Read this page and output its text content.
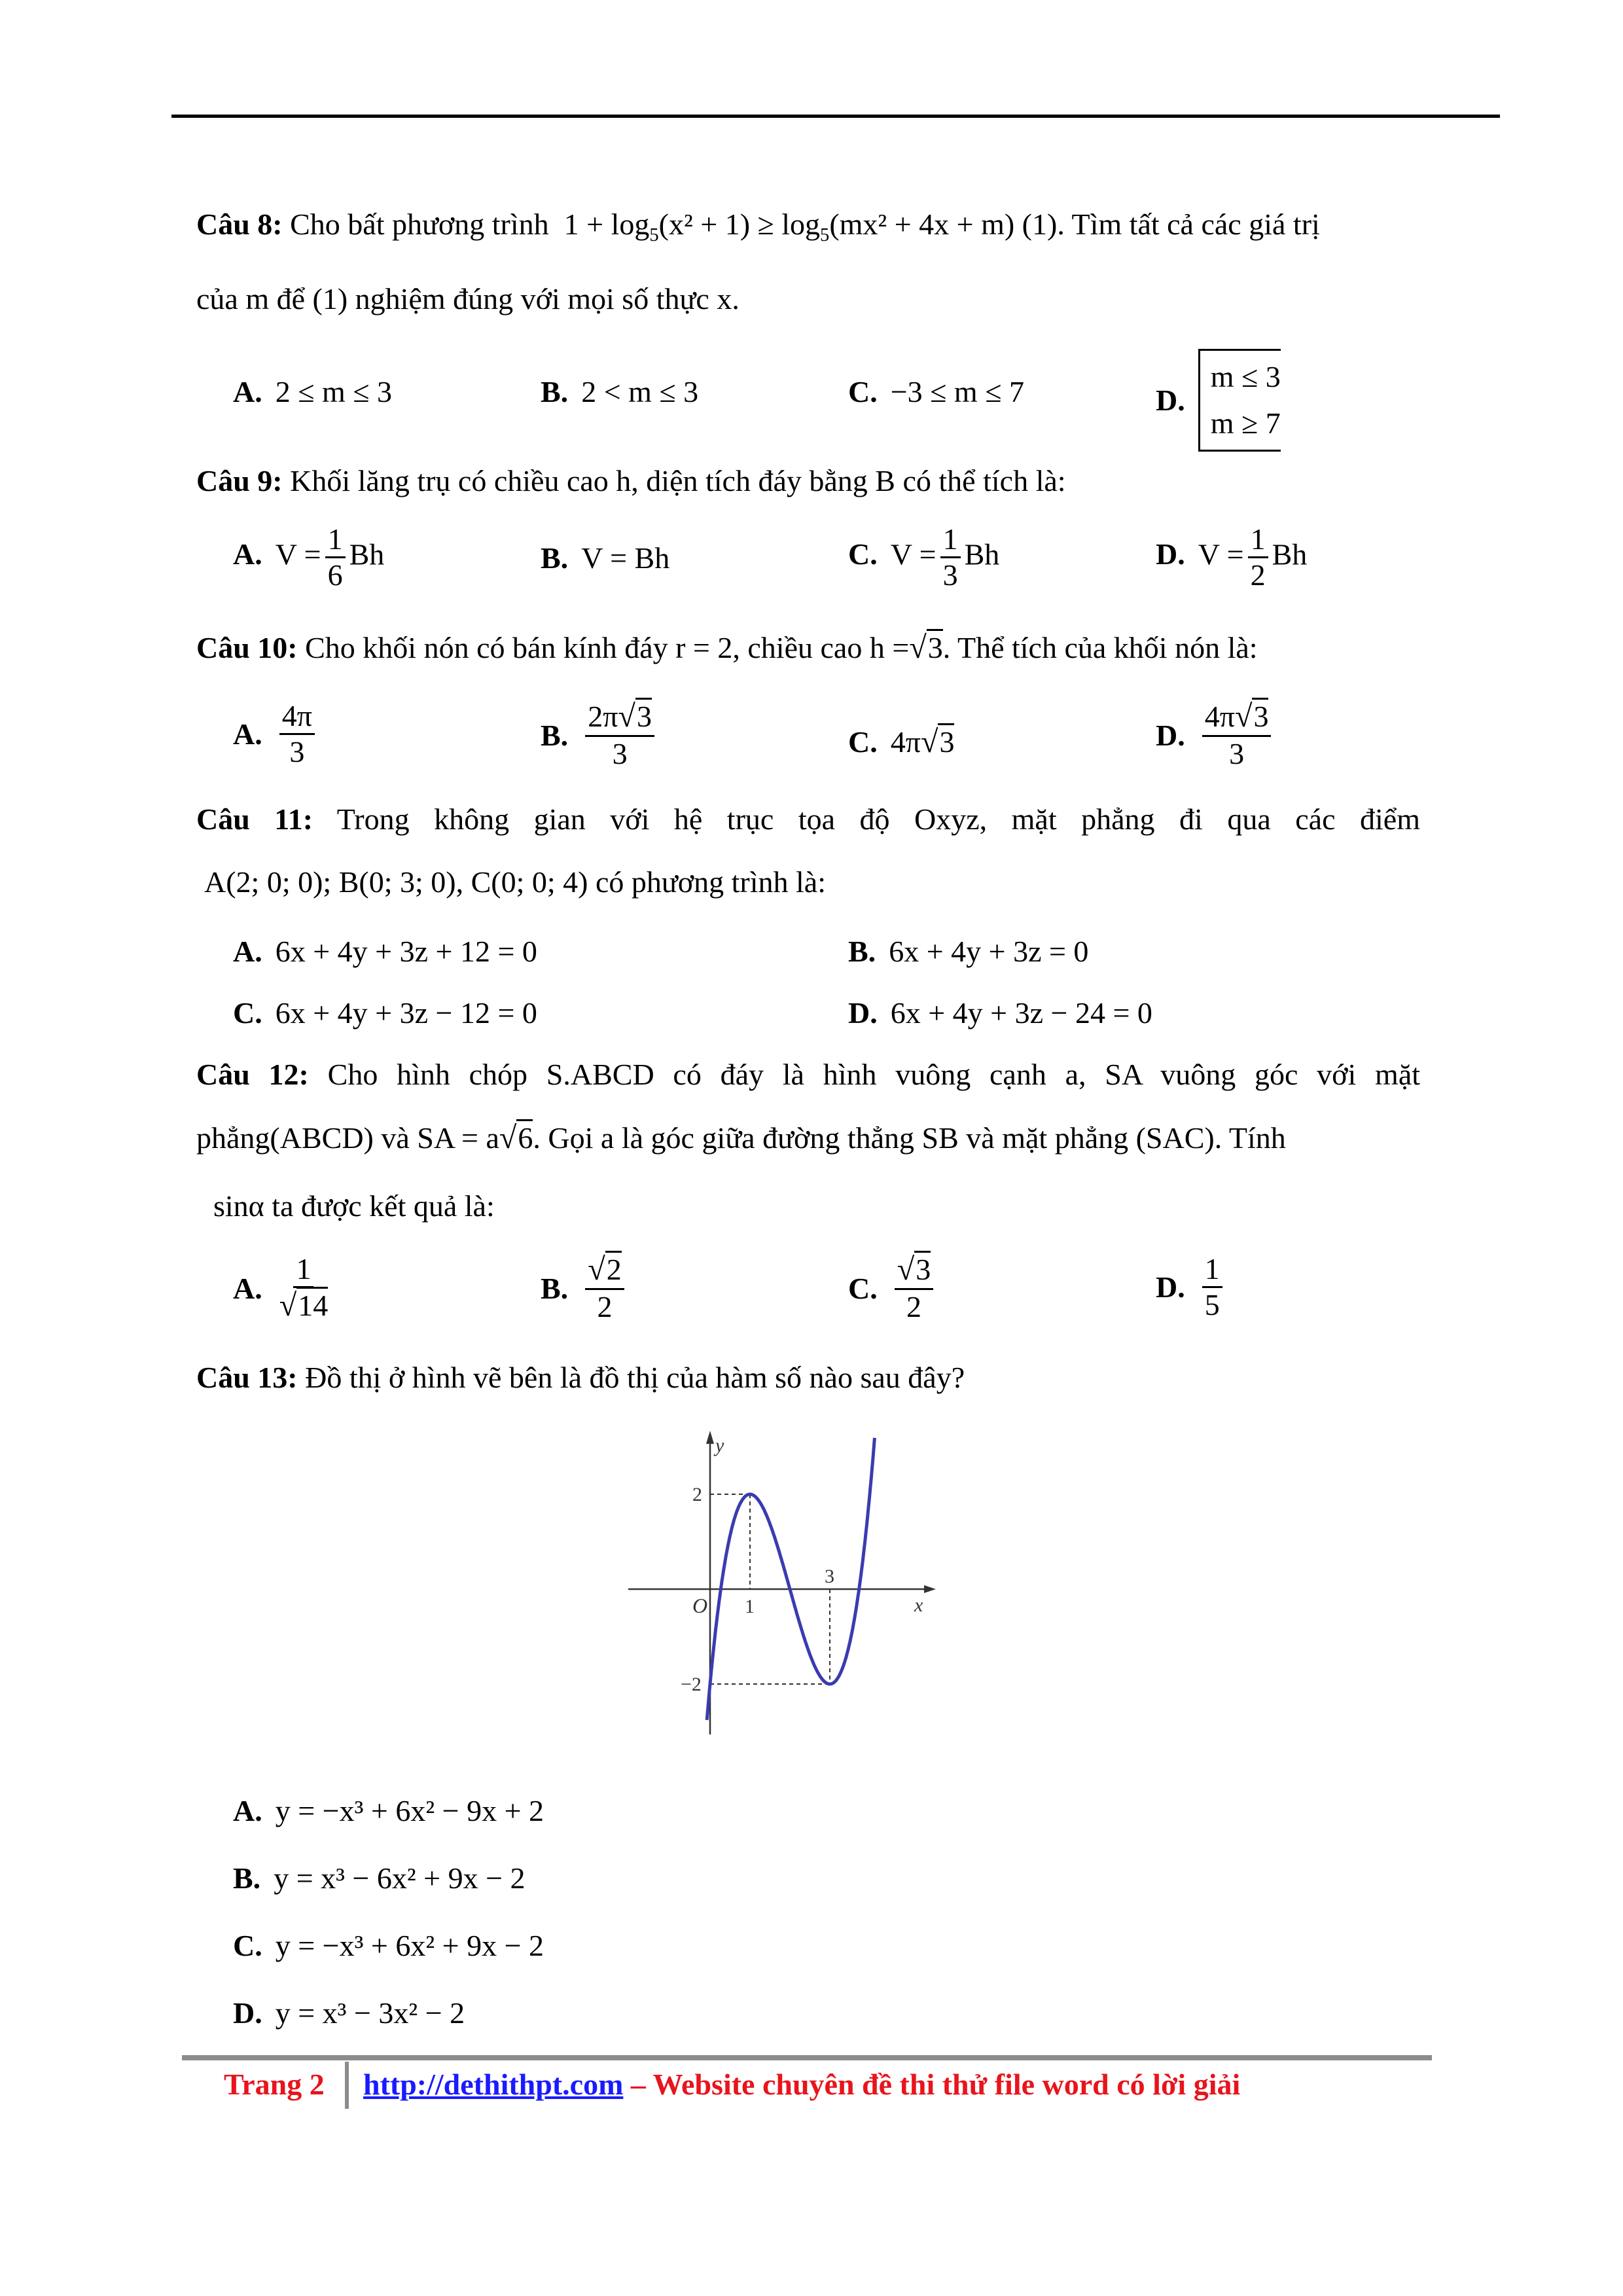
Câu 8: Cho bất phương trình $1 + \log_5(x^2 + 1) \ge \log_5(mx^2 + 4x + m)$ (1). Tìm tất cả các giá trị
của m để (1) nghiệm đúng với mọi số thực x.
A. 2 ≤ m ≤ 3	B. 2 < m ≤ 3	C. −3 ≤ m ≤ 7	D.m ≤ 3
m ≥ 7
Câu 9: Khối lăng trụ có chiều cao h, diện tích đáy bằng B có thể tích là:
A. $V = \frac{1}{6}$ Bh	B. V = Bh	C. $V = \frac{1}{3}$ Bh	D. $V = \frac{1}{2}$ Bh
Câu 10: Cho khối nón có bán kính đáy r = 2, chiều cao h =√3. Thể tích của khối nón là:
A. $\frac{4\pi}{3}$	B. $\frac{2\pi√3}{3}$	C. 4π√3	D. $\frac{4\pi√3}{3}$
Câu 11: Trong không gian với hệ trục tọa độ Oxyz, mặt phẳng đi qua các điểm
A(2; 0; 0); B(0; 3; 0), C(0; 0; 4) có phương trình là:
A. 6x + 4y + 3z + 12 = 0	B. 6x + 4y + 3z = 0
C. 6x + 4y + 3z − 12 = 0	D. 6x + 4y + 3z − 24 = 0
Câu 12: Cho hình chóp S.ABCD có đáy là hình vuông cạnh a, SA vuông góc với mặt
phẳng(ABCD) và SA = a√6. Gọi a là góc giữa đường thẳng SB và mặt phẳng (SAC). Tính
sinα ta được kết quả là:
A. $\frac{1}{√14}$	B. $\frac{√2}{2}$	C. $\frac{√3}{2}$	D. $\frac{1}{5}$
Câu 13: Đồ thị ở hình vẽ bên là đồ thị của hàm số nào sau đây?
y
x
O 1
3
2
−2
A. y = −x³ + 6x² − 9x + 2
B. y = x³ − 6x² + 9x − 2
C. y = −x³ + 6x² + 9x − 2
D. y = x³ − 3x² − 2
Trang 2 http://dethithpt.com – Website chuyên đề thi thử file word có lời giải
